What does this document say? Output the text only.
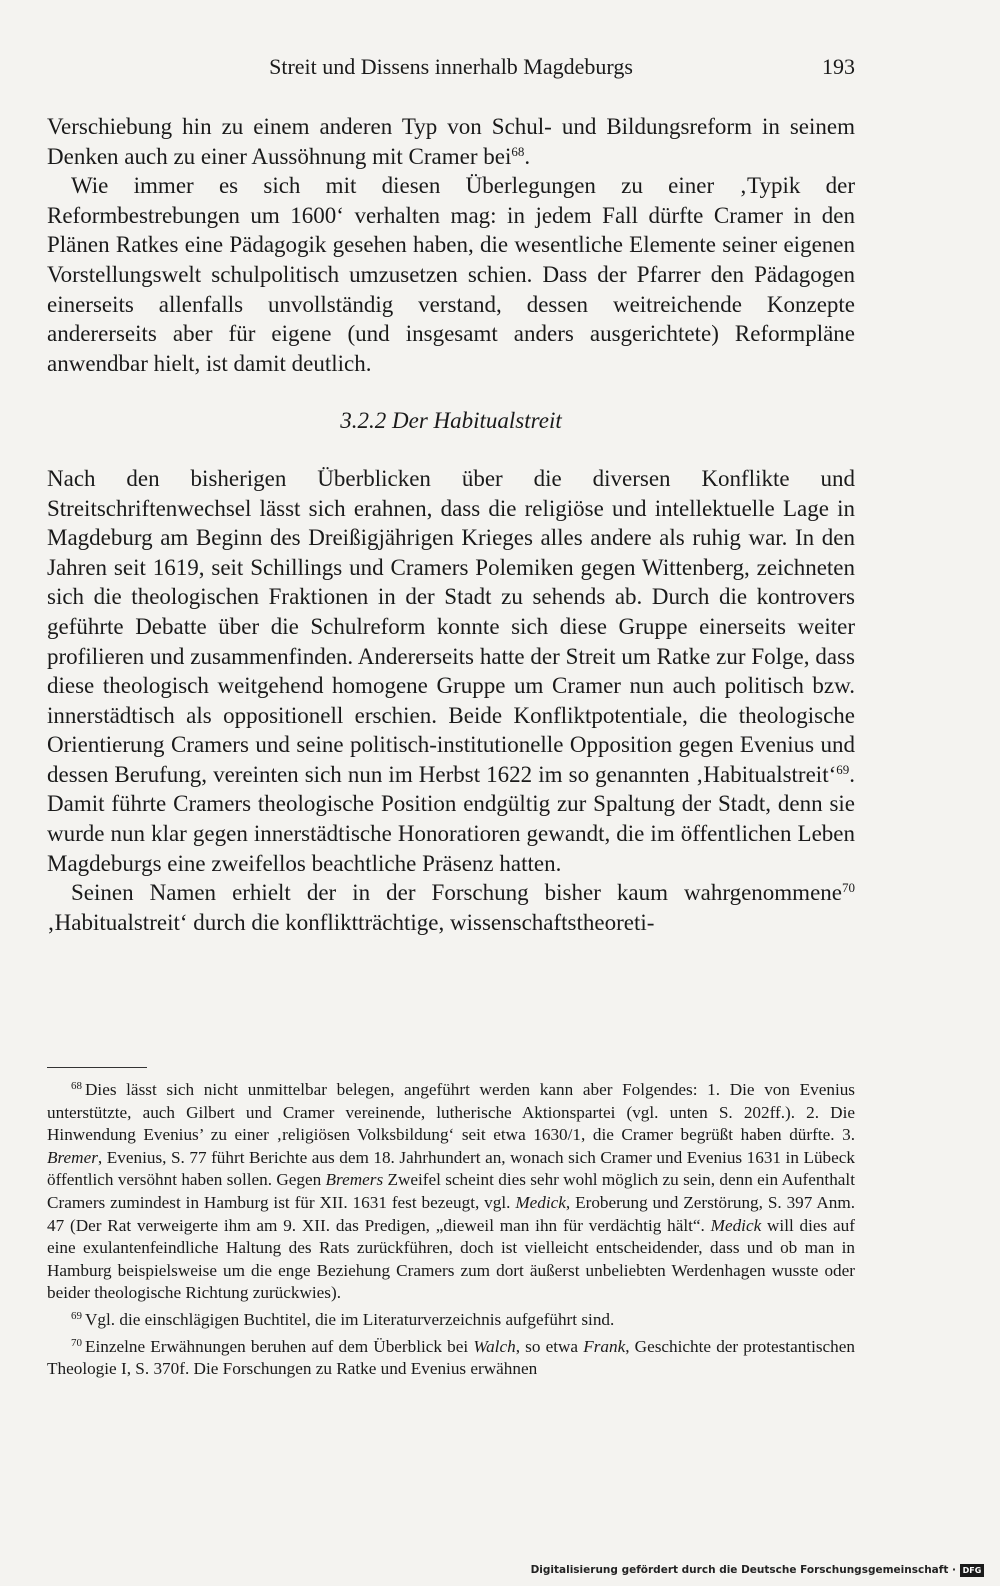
Streit und Dissens innerhalb Magdeburgs	193

Verschiebung hin zu einem anderen Typ von Schul- und Bildungsreform in seinem Denken auch zu einer Aussöhnung mit Cramer bei$^{68}$.

Wie immer es sich mit diesen Überlegungen zu einer ‚Typik der Reformbestrebungen um 1600‘ verhalten mag: in jedem Fall dürfte Cramer in den Plänen Ratkes eine Pädagogik gesehen haben, die wesentliche Elemente seiner eigenen Vorstellungswelt schulpolitisch umzusetzen schien. Dass der Pfarrer den Pädagogen einerseits allenfalls unvollständig verstand, dessen weitreichende Konzepte andererseits aber für eigene (und insgesamt anders ausgerichtete) Reformpläne anwendbar hielt, ist damit deutlich.

3.2.2 Der Habitualstreit

Nach den bisherigen Überblicken über die diversen Konflikte und Streitschriftenwechsel lässt sich erahnen, dass die religiöse und intellektuelle Lage in Magdeburg am Beginn des Dreißigjährigen Krieges alles andere als ruhig war. In den Jahren seit 1619, seit Schillings und Cramers Polemiken gegen Wittenberg, zeichneten sich die theologischen Fraktionen in der Stadt zu sehends ab. Durch die kontrovers geführte Debatte über die Schulreform konnte sich diese Gruppe einerseits weiter profilieren und zusammenfinden. Andererseits hatte der Streit um Ratke zur Folge, dass diese theologisch weitgehend homogene Gruppe um Cramer nun auch politisch bzw. innerstädtisch als oppositionell erschien. Beide Konfliktpotentiale, die theologische Orientierung Cramers und seine politisch-institutionelle Opposition gegen Evenius und dessen Berufung, vereinten sich nun im Herbst 1622 im so genannten ‚Habitualstreit‘$^{69}$. Damit führte Cramers theologische Position endgültig zur Spaltung der Stadt, denn sie wurde nun klar gegen innerstädtische Honoratioren gewandt, die im öffentlichen Leben Magdeburgs eine zweifellos beachtliche Präsenz hatten.

Seinen Namen erhielt der in der Forschung bisher kaum wahrgenommene$^{70}$ ‚Habitualstreit‘ durch die konfliktträchtige, wissenschaftstheoreti-

$^{68}$ Dies lässt sich nicht unmittelbar belegen, angeführt werden kann aber Folgendes: 1. Die von Evenius unterstützte, auch Gilbert und Cramer vereinende, lutherische Aktionspartei (vgl. unten S. 202ff.). 2. Die Hinwendung Evenius’ zu einer ‚religiösen Volksbildung‘ seit etwa 1630/1, die Cramer begrüßt haben dürfte. 3. Bremer, Evenius, S. 77 führt Berichte aus dem 18. Jahrhundert an, wonach sich Cramer und Evenius 1631 in Lübeck öffentlich versöhnt haben sollen. Gegen Bremers Zweifel scheint dies sehr wohl möglich zu sein, denn ein Aufenthalt Cramers zumindest in Hamburg ist für XII. 1631 fest bezeugt, vgl. Medick, Eroberung und Zerstörung, S. 397 Anm. 47 (Der Rat verweigerte ihm am 9. XII. das Predigen, „dieweil man ihn für verdächtig hält“. Medick will dies auf eine exulantenfeindliche Haltung des Rats zurückführen, doch ist vielleicht entscheidender, dass und ob man in Hamburg beispielsweise um die enge Beziehung Cramers zum dort äußerst unbeliebten Werdenhagen wusste oder beider theologische Richtung zurückwies).

$^{69}$ Vgl. die einschlägigen Buchtitel, die im Literaturverzeichnis aufgeführt sind.

$^{70}$ Einzelne Erwähnungen beruhen auf dem Überblick bei Walch, so etwa Frank, Geschichte der protestantischen Theologie I, S. 370f. Die Forschungen zu Ratke und Evenius erwähnen

Digitalisierung gefördert durch die Deutsche Forschungsgemeinschaft · DFG
